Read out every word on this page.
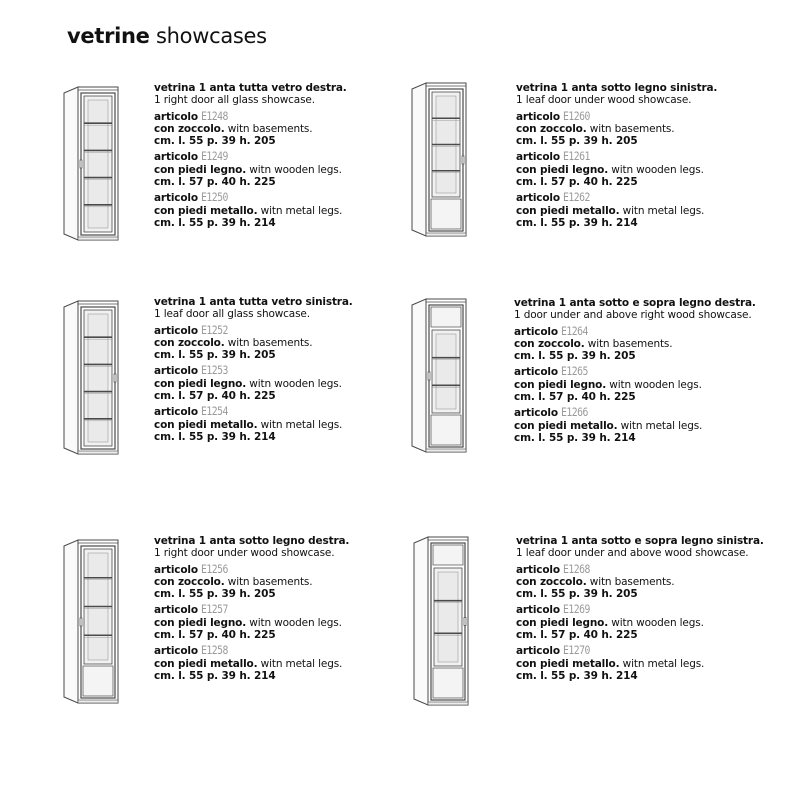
vetrine showcases
vetrina 1 anta tutta vetro destra.
1 right door all glass showcase.
articolo E1248
con zoccolo. witn basements.
cm. l. 55 p. 39 h. 205
articolo E1249
con piedi legno. witn wooden legs.
cm. l. 57 p. 40 h. 225
articolo E1250
con piedi metallo. witn metal legs.
cm. l. 55 p. 39 h. 214
vetrina 1 anta sotto legno sinistra.
1 leaf door under wood showcase.
articolo E1260
con zoccolo. witn basements.
cm. l. 55 p. 39 h. 205
articolo E1261
con piedi legno. witn wooden legs.
cm. l. 57 p. 40 h. 225
articolo E1262
con piedi metallo. witn metal legs.
cm. l. 55 p. 39 h. 214
vetrina 1 anta tutta vetro sinistra.
1 leaf door all glass showcase.
articolo E1252
con zoccolo. witn basements.
cm. l. 55 p. 39 h. 205
articolo E1253
con piedi legno. witn wooden legs.
cm. l. 57 p. 40 h. 225
articolo E1254
con piedi metallo. witn metal legs.
cm. l. 55 p. 39 h. 214
vetrina 1 anta sotto e sopra legno destra.
1 door under and above right wood showcase.
articolo E1264
con zoccolo. witn basements.
cm. l. 55 p. 39 h. 205
articolo E1265
con piedi legno. witn wooden legs.
cm. l. 57 p. 40 h. 225
articolo E1266
con piedi metallo. witn metal legs.
cm. l. 55 p. 39 h. 214
vetrina 1 anta sotto legno destra.
1 right door under wood showcase.
articolo E1256
con zoccolo. witn basements.
cm. l. 55 p. 39 h. 205
articolo E1257
con piedi legno. witn wooden legs.
cm. l. 57 p. 40 h. 225
articolo E1258
con piedi metallo. witn metal legs.
cm. l. 55 p. 39 h. 214
vetrina 1 anta sotto e sopra legno sinistra.
1 leaf door under and above wood showcase.
articolo E1268
con zoccolo. witn basements.
cm. l. 55 p. 39 h. 205
articolo E1269
con piedi legno. witn wooden legs.
cm. l. 57 p. 40 h. 225
articolo E1270
con piedi metallo. witn metal legs.
cm. l. 55 p. 39 h. 214
